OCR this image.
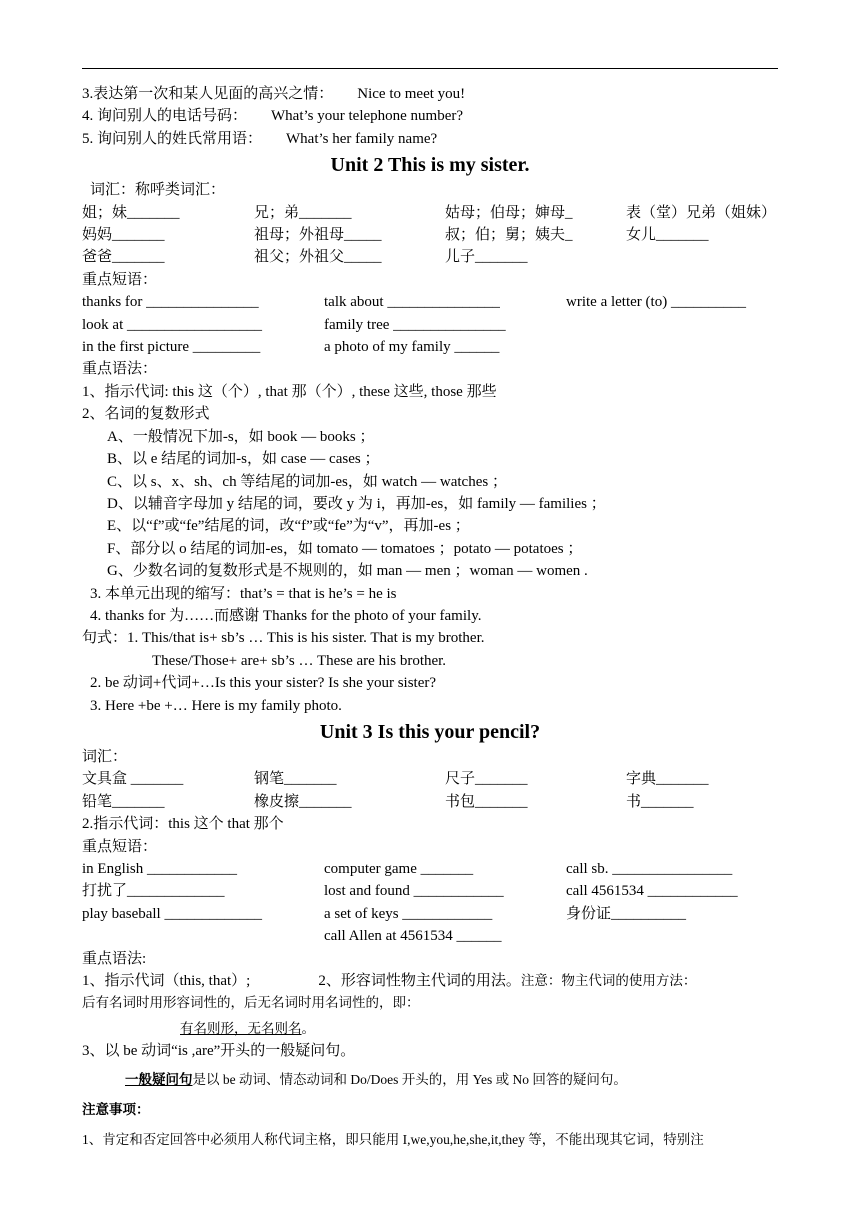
3.表达第一次和某人见面的高兴之情： Nice to meet you!
4. 询问别人的电话号码： What’s your telephone number?
5. 询问别人的姓氏常用语： What’s her family name?
Unit 2 This is my sister.
词汇：称呼类词汇：
姐；妹_______	兄；弟_______	姑母；伯母；婶母_	表（堂）兄弟（姐妹）
妈妈_______	祖母；外祖母_____	叔；伯；舅；姨夫_	女儿_______
爸爸_______	祖父；外祖父_____	儿子_______
重点短语：
thanks for _______________	talk about _______________	write a letter (to) __________
look at __________________	family tree _______________
in the first picture _________	a photo of my family ______
重点语法：
1、指示代词: this 这（个）, that 那（个）, these 这些, those 那些
2、名词的复数形式
A、一般情况下加-s，如 book — books ；
B、以 e 结尾的词加-s，如 case — cases ；
C、以 s、x、sh、ch 等结尾的词加-es，如 watch — watches ；
D、以辅音字母加 y 结尾的词，要改 y 为 i，再加-es，如 family — families ；
E、以“f”或“fe”结尾的词，改“f”或“fe”为“v”，再加-es ；
F、部分以 o 结尾的词加-es，如 tomato — tomatoes ；potato — potatoes ；
G、少数名词的复数形式是不规则的，如 man — men ；woman — women .
3. 本单元出现的缩写：that’s = that is he’s = he is
4. thanks for 为……而感谢 Thanks for the photo of your family.
句式：1. This/that is+ sb’s … This is his sister. That is my brother.
These/Those+ are+ sb’s … These are his brother.
2. be 动词+代词+…Is this your sister? Is she your sister?
3. Here +be +… Here is my family photo.
Unit 3 Is this your pencil?
词汇：
文具盒 _______	钢笔_______	尺子_______	字典_______
铅笔_______	橡皮擦_______	书包_______	书_______
2.指示代词：this 这个 that 那个
重点短语：
in English ____________	computer game _______	call sb. ________________
打扰了_____________	lost and found ____________	call 4561534 ____________
play baseball _____________	a set of keys ____________	身份证__________
call Allen at 4561534 ______
重点语法:
1、指示代词（this, that）;	2、形容词性物主代词的用法。注意：物主代词的使用方法：
后有名词时用形容词性的，后无名词时用名词性的，即：
有名则形，无名则名。
3、以 be 动词“is ,are”开头的一般疑问句。
一般疑问句是以 be 动词、情态动词和 Do/Does 开头的，用 Yes 或 No 回答的疑问句。
注意事项：
1、肯定和否定回答中必须用人称代词主格，即只能用 I,we,you,he,she,it,they 等，不能出现其它词，特别注
